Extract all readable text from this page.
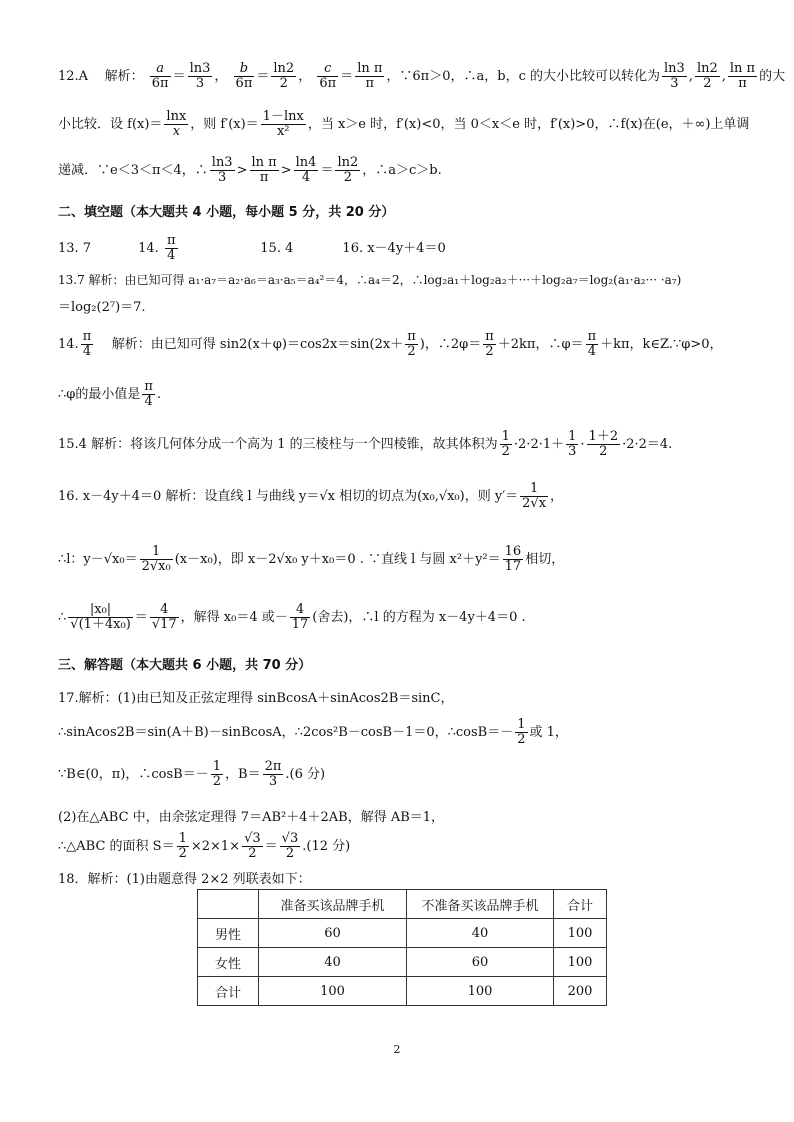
12.A 解析： $\frac{a}{6\pi} = \frac{\ln 3}{3}$ ， $\frac{b}{6\pi} = \frac{\ln 2}{2}$ ， $\frac{c}{6\pi} = \frac{\text{ln π}}{\pi}$ ，∵6π＞0，∴a，b，c 的大小比较可以转化为 $\frac{\ln 3}{3}$ , $\frac{\ln 2}{2}$ , $\frac{\text{ln π}}{\pi}$ 的大
小比较．设 $f(x)= \frac{\ln x}{x}$ ，则 $f'(x)= \frac{1-\ln x}{\text{x²}}$ ，当 x＞e 时，f′(x)<0，当 0＜x＜e 时，f′(x)>0，∴f(x)在(e，＋∞)上单调
递减．∵e＜3＜π＜4，∴ $\frac{\ln 3}{3} > \frac{\text{ln π}}{\pi} > \frac{\ln 4}{4} = \frac{\ln 2}{2}$ ，∴a＞c＞b.
二、填空题（本大题共 4 小题，每小题 5 分，共 20 分）
13. 7	14. $\frac{\pi}{4}$	15. 4	16. x－4y＋4＝0
13.7 解析：由已知可得 a₁·a₇＝a₂·a₆＝a₃·a₅＝a₄²＝4，∴a₄＝2，∴log₂a₁＋log₂a₂＋···＋log₂a₇＝log₂(a₁·a₂··· ·a₇)
＝log₂(2⁷)＝7.
14. $\frac{\pi}{4}$ 解析：由已知可得 $\sin 2(x+\varphi)=\cos 2x=\sin(2x+ \frac{\pi}{2}$ )，∴2φ＝ $\frac{\pi}{2} +2k\pi$，∴φ＝ $\frac{\pi}{4} +k\pi$，k∈Z.∵φ>0，
∴φ的最小值是 $\frac{\pi}{4}$ .
15.4 解析：将该几何体分成一个高为 1 的三棱柱与一个四棱锥，故其体积为 $\frac{1}{2} \cdot 2\cdot 2\cdot 1+ \frac{1}{3} \cdot \frac{1+2}{2} \cdot 2\cdot 2=4$.
16. x－4y＋4＝0 解析：设直线 l 与曲线 y＝√x 相切的切点为(x₀,√x₀)，则 $y'= \frac{1}{2√x}$ ，
∴l：$y-√x_0= \frac{1}{\text{2√x₀}} (x-x_0)$，即 x－2√x₀ y＋x₀＝0 . ∵直线 l 与圆 $x^2+y^2= \frac{16}{17}$ 相切，
∴ $\frac{\text{|x₀|}}{\text{√(1＋4x₀)}} = \frac{4}{√17}$ ，解得 x₀＝4 或－ $\frac{4}{17}$ (舍去)，∴l 的方程为 x－4y＋4＝0 .
三、解答题（本大题共 6 小题，共 70 分）
17.解析：(1)由已知及正弦定理得 sinBcosA＋sinAcos2B＝sinC，
∴sinAcos2B＝sin(A＋B)－sinBcosA，∴2cos²B－cosB－1＝0，∴cosB＝－ $\frac{1}{2}$ 或 1，
∵B∈(0，π)，∴cosB＝－ $\frac{1}{2}$ ，$B= \frac{2\pi}{3} .(6$ 分)
(2)在△ABC 中，由余弦定理得 7＝AB²＋4＋2AB，解得 AB＝1，
∴△ABC 的面积 $S= \frac{1}{2} \times 2\times 1\times \frac{√3}{2} = \frac{√3}{2} .(12$ 分)
18．解析：(1)由题意得 2×2 列联表如下：
	准备买该品牌手机	不准备买该品牌手机	合计
男性	60	40	100
女性	40	60	100
合计	100	100	200
2
